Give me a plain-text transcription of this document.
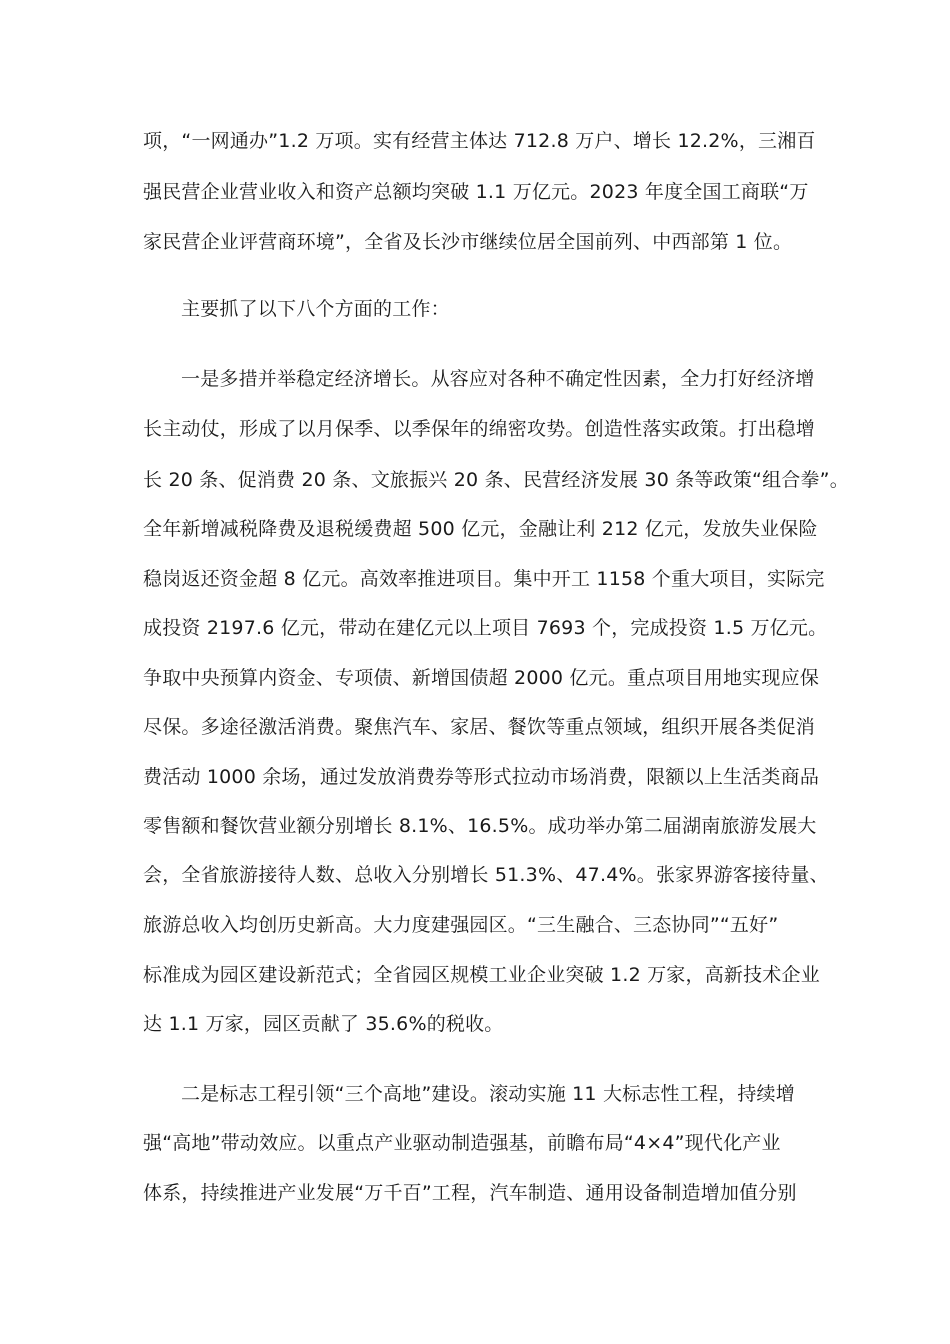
项，“一网通办”1.2 万项。实有经营主体达 712.8 万户、增长 12.2%，三湘百
强民营企业营业收入和资产总额均突破 1.1 万亿元。2023 年度全国工商联“万
家民营企业评营商环境”，全省及长沙市继续位居全国前列、中西部第 1 位。
主要抓了以下八个方面的工作：
一是多措并举稳定经济增长。从容应对各种不确定性因素，全力打好经济增
长主动仗，形成了以月保季、以季保年的绵密攻势。创造性落实政策。打出稳增
长 20 条、促消费 20 条、文旅振兴 20 条、民营经济发展 30 条等政策“组合拳”。
全年新增减税降费及退税缓费超 500 亿元，金融让利 212 亿元，发放失业保险
稳岗返还资金超 8 亿元。高效率推进项目。集中开工 1158 个重大项目，实际完
成投资 2197.6 亿元，带动在建亿元以上项目 7693 个，完成投资 1.5 万亿元。
争取中央预算内资金、专项债、新增国债超 2000 亿元。重点项目用地实现应保
尽保。多途径激活消费。聚焦汽车、家居、餐饮等重点领域，组织开展各类促消
费活动 1000 余场，通过发放消费券等形式拉动市场消费，限额以上生活类商品
零售额和餐饮营业额分别增长 8.1%、16.5%。成功举办第二届湖南旅游发展大
会，全省旅游接待人数、总收入分别增长 51.3%、47.4%。张家界游客接待量、
旅游总收入均创历史新高。大力度建强园区。“三生融合、三态协同”“五好”
标准成为园区建设新范式；全省园区规模工业企业突破 1.2 万家，高新技术企业
达 1.1 万家，园区贡献了 35.6%的税收。
二是标志工程引领“三个高地”建设。滚动实施 11 大标志性工程，持续增
强“高地”带动效应。以重点产业驱动制造强基，前瞻布局“4×4”现代化产业
体系，持续推进产业发展“万千百”工程，汽车制造、通用设备制造增加值分别
